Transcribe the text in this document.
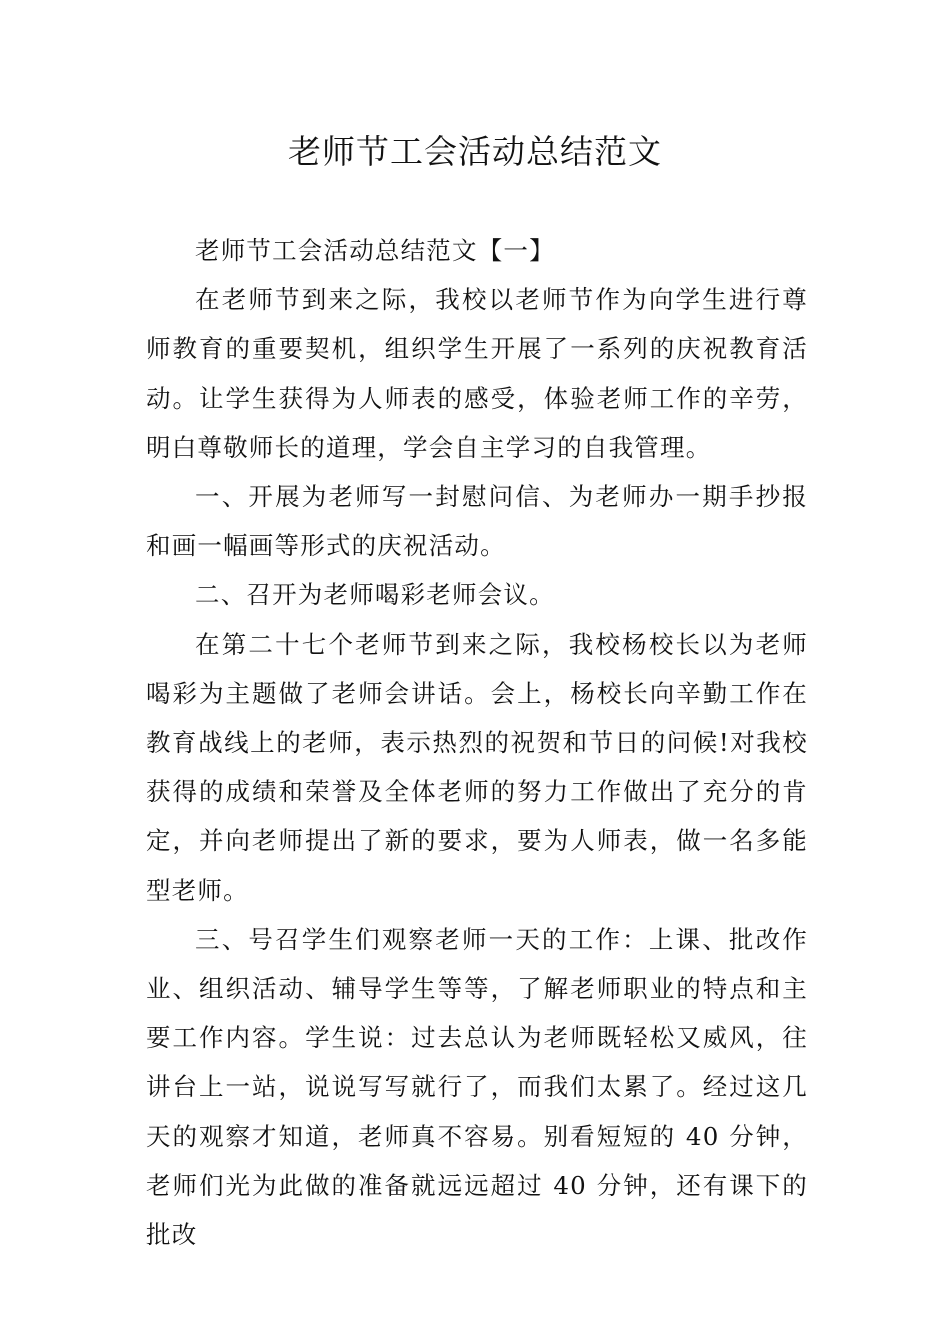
老师节工会活动总结范文

老师节工会活动总结范文【一】

在老师节到来之际，我校以老师节作为向学生进行尊师教育的重要契机，组织学生开展了一系列的庆祝教育活动。让学生获得为人师表的感受，体验老师工作的辛劳，明白尊敬师长的道理，学会自主学习的自我管理。

一、开展为老师写一封慰问信、为老师办一期手抄报和画一幅画等形式的庆祝活动。

二、召开为老师喝彩老师会议。

在第二十七个老师节到来之际，我校杨校长以为老师喝彩为主题做了老师会讲话。会上，杨校长向辛勤工作在教育战线上的老师，表示热烈的祝贺和节日的问候!对我校获得的成绩和荣誉及全体老师的努力工作做出了充分的肯定，并向老师提出了新的要求，要为人师表，做一名多能型老师。

三、号召学生们观察老师一天的工作：上课、批改作业、组织活动、辅导学生等等，了解老师职业的特点和主要工作内容。学生说：过去总认为老师既轻松又威风，往讲台上一站，说说写写就行了，而我们太累了。经过这几天的观察才知道，老师真不容易。别看短短的 40 分钟，老师们光为此做的准备就远远超过 40 分钟，还有课下的批改
